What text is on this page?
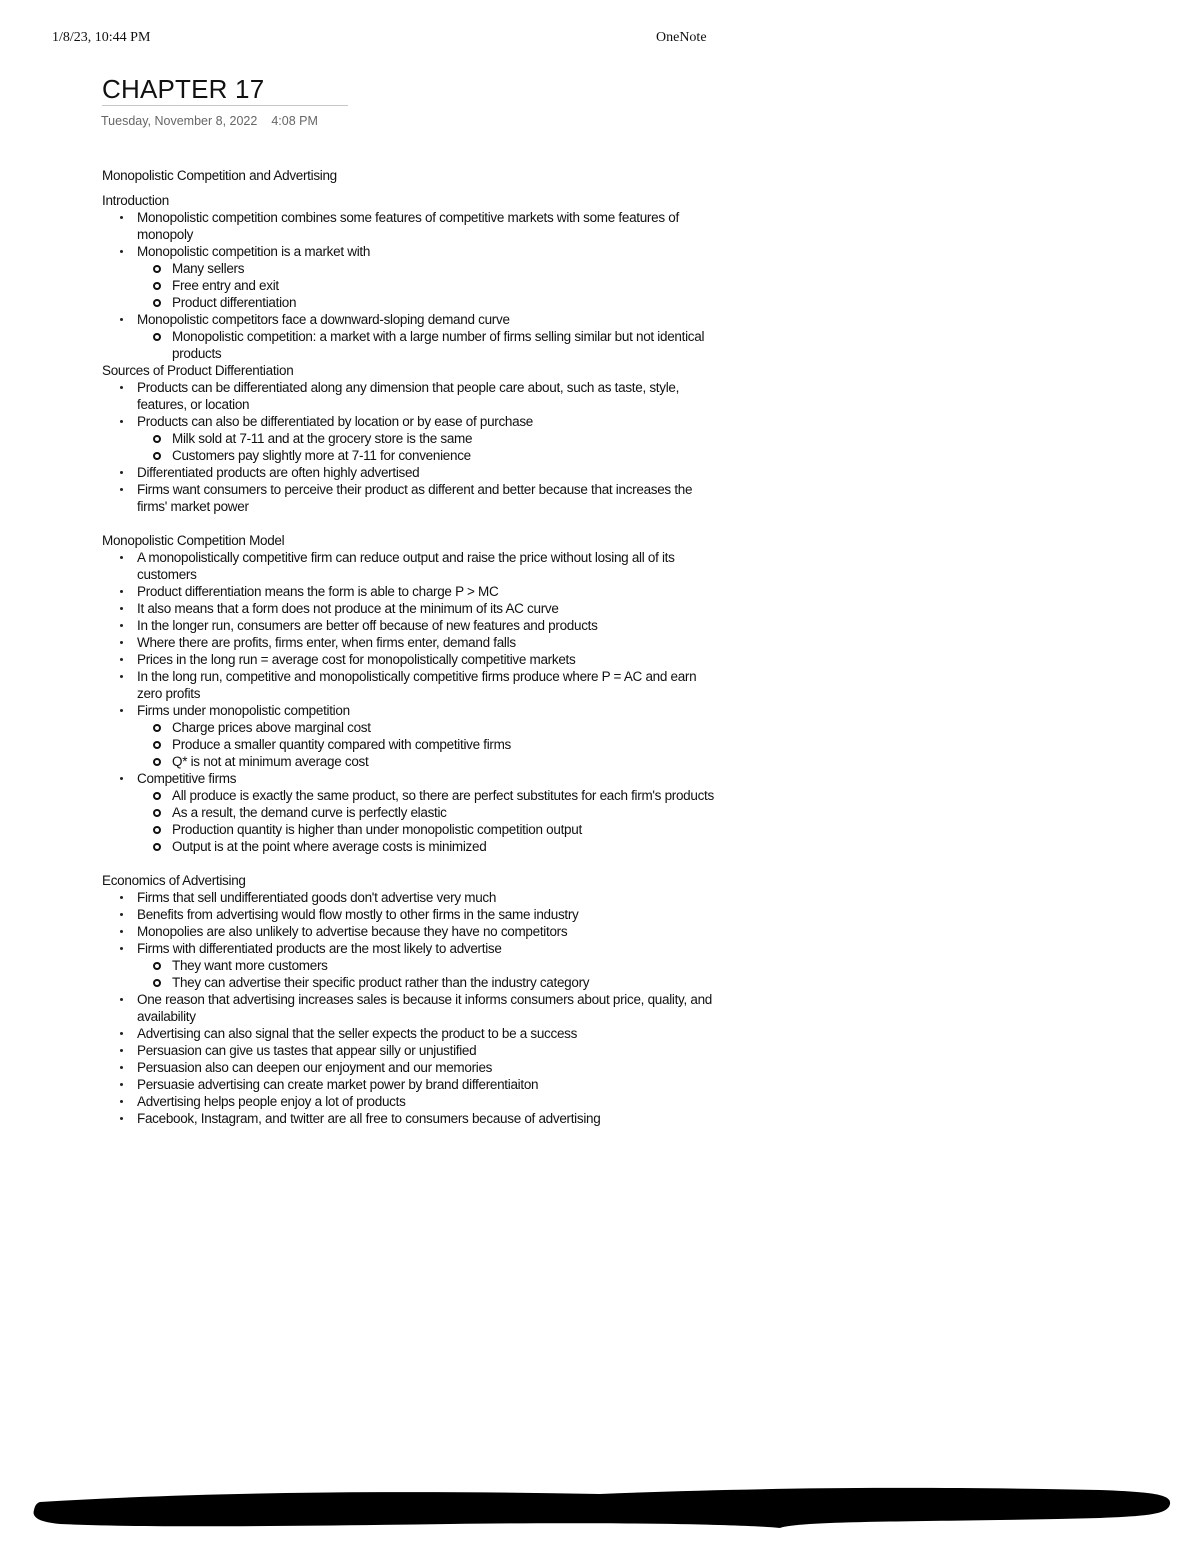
1/8/23, 10:44 PM	OneNote
CHAPTER 17
Tuesday, November 8, 2022 4:08 PM

Monopolistic Competition and Advertising

Introduction

Monopolistic competition combines some features of competitive markets with some features of monopoly
Monopolistic competition is a market with
Many sellers
Free entry and exit
Product differentiation
Monopolistic competitors face a downward-sloping demand curve
Monopolistic competition: a market with a large number of firms selling similar but not identical products

Sources of Product Differentiation

Products can be differentiated along any dimension that people care about, such as taste, style, features, or location
Products can also be differentiated by location or by ease of purchase
Milk sold at 7-11 and at the grocery store is the same
Customers pay slightly more at 7-11 for convenience
Differentiated products are often highly advertised
Firms want consumers to perceive their product as different and better because that increases the firms' market power

Monopolistic Competition Model

A monopolistically competitive firm can reduce output and raise the price without losing all of its customers
Product differentiation means the form is able to charge P > MC
It also means that a form does not produce at the minimum of its AC curve
In the longer run, consumers are better off because of new features and products
Where there are profits, firms enter, when firms enter, demand falls
Prices in the long run = average cost for monopolistically competitive markets
In the long run, competitive and monopolistically competitive firms produce where P = AC and earn zero profits
Firms under monopolistic competition
Charge prices above marginal cost
Produce a smaller quantity compared with competitive firms
Q* is not at minimum average cost
Competitive firms
All produce is exactly the same product, so there are perfect substitutes for each firm's products
As a result, the demand curve is perfectly elastic
Production quantity is higher than under monopolistic competition output
Output is at the point where average costs is minimized

Economics of Advertising

Firms that sell undifferentiated goods don't advertise very much
Benefits from advertising would flow mostly to other firms in the same industry
Monopolies are also unlikely to advertise because they have no competitors
Firms with differentiated products are the most likely to advertise
They want more customers
They can advertise their specific product rather than the industry category
One reason that advertising increases sales is because it informs consumers about price, quality, and availability
Advertising can also signal that the seller expects the product to be a success
Persuasion can give us tastes that appear silly or unjustified
Persuasion also can deepen our enjoyment and our memories
Persuasie advertising can create market power by brand differentiaiton
Advertising helps people enjoy a lot of products
Facebook, Instagram, and twitter are all free to consumers because of advertising
